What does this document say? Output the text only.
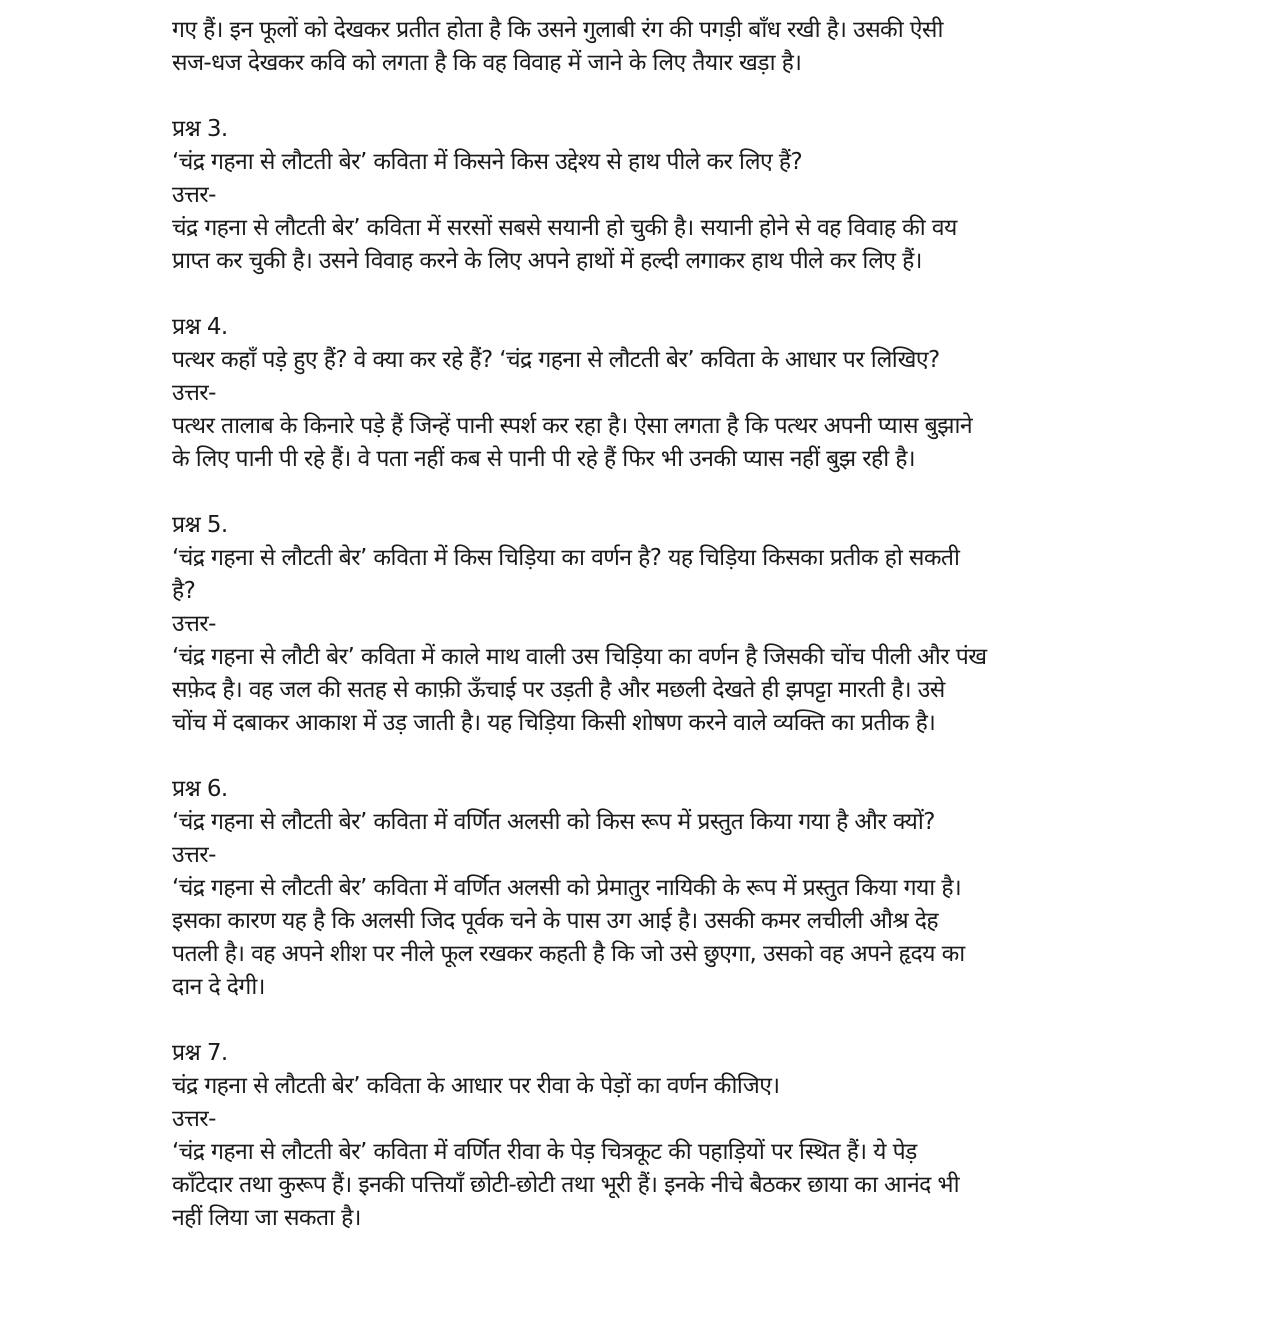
गए हैं। इन फूलों को देखकर प्रतीत होता है कि उसने गुलाबी रंग की पगड़ी बाँध रखी है। उसकी ऐसी
सज-धज देखकर कवि को लगता है कि वह विवाह में जाने के लिए तैयार खड़ा है।
प्रश्न 3.
‘चंद्र गहना से लौटती बेर’ कविता में किसने किस उद्देश्य से हाथ पीले कर लिए हैं?
उत्तर-
चंद्र गहना से लौटती बेर’ कविता में सरसों सबसे सयानी हो चुकी है। सयानी होने से वह विवाह की वय
प्राप्त कर चुकी है। उसने विवाह करने के लिए अपने हाथों में हल्दी लगाकर हाथ पीले कर लिए हैं।
प्रश्न 4.
पत्थर कहाँ पड़े हुए हैं? वे क्या कर रहे हैं? ‘चंद्र गहना से लौटती बेर’ कविता के आधार पर लिखिए?
उत्तर-
पत्थर तालाब के किनारे पड़े हैं जिन्हें पानी स्पर्श कर रहा है। ऐसा लगता है कि पत्थर अपनी प्यास बुझाने
के लिए पानी पी रहे हैं। वे पता नहीं कब से पानी पी रहे हैं फिर भी उनकी प्यास नहीं बुझ रही है।
प्रश्न 5.
‘चंद्र गहना से लौटती बेर’ कविता में किस चिड़िया का वर्णन है? यह चिड़िया किसका प्रतीक हो सकती
है?
उत्तर-
‘चंद्र गहना से लौटी बेर’ कविता में काले माथ वाली उस चिड़िया का वर्णन है जिसकी चोंच पीली और पंख
सफ़ेद है। वह जल की सतह से काफ़ी ऊँचाई पर उड़ती है और मछली देखते ही झपट्टा मारती है। उसे
चोंच में दबाकर आकाश में उड़ जाती है। यह चिड़िया किसी शोषण करने वाले व्यक्ति का प्रतीक है।
प्रश्न 6.
‘चंद्र गहना से लौटती बेर’ कविता में वर्णित अलसी को किस रूप में प्रस्तुत किया गया है और क्यों?
उत्तर-
‘चंद्र गहना से लौटती बेर’ कविता में वर्णित अलसी को प्रेमातुर नायिकी के रूप में प्रस्तुत किया गया है।
इसका कारण यह है कि अलसी जिद पूर्वक चने के पास उग आई है। उसकी कमर लचीली औश्र देह
पतली है। वह अपने शीश पर नीले फूल रखकर कहती है कि जो उसे छुएगा, उसको वह अपने हृदय का
दान दे देगी।
प्रश्न 7.
चंद्र गहना से लौटती बेर’ कविता के आधार पर रीवा के पेड़ों का वर्णन कीजिए।
उत्तर-
‘चंद्र गहना से लौटती बेर’ कविता में वर्णित रीवा के पेड़ चित्रकूट की पहाड़ियों पर स्थित हैं। ये पेड़
काँटेदार तथा कुरूप हैं। इनकी पत्तियाँ छोटी-छोटी तथा भूरी हैं। इनके नीचे बैठकर छाया का आनंद भी
नहीं लिया जा सकता है।
